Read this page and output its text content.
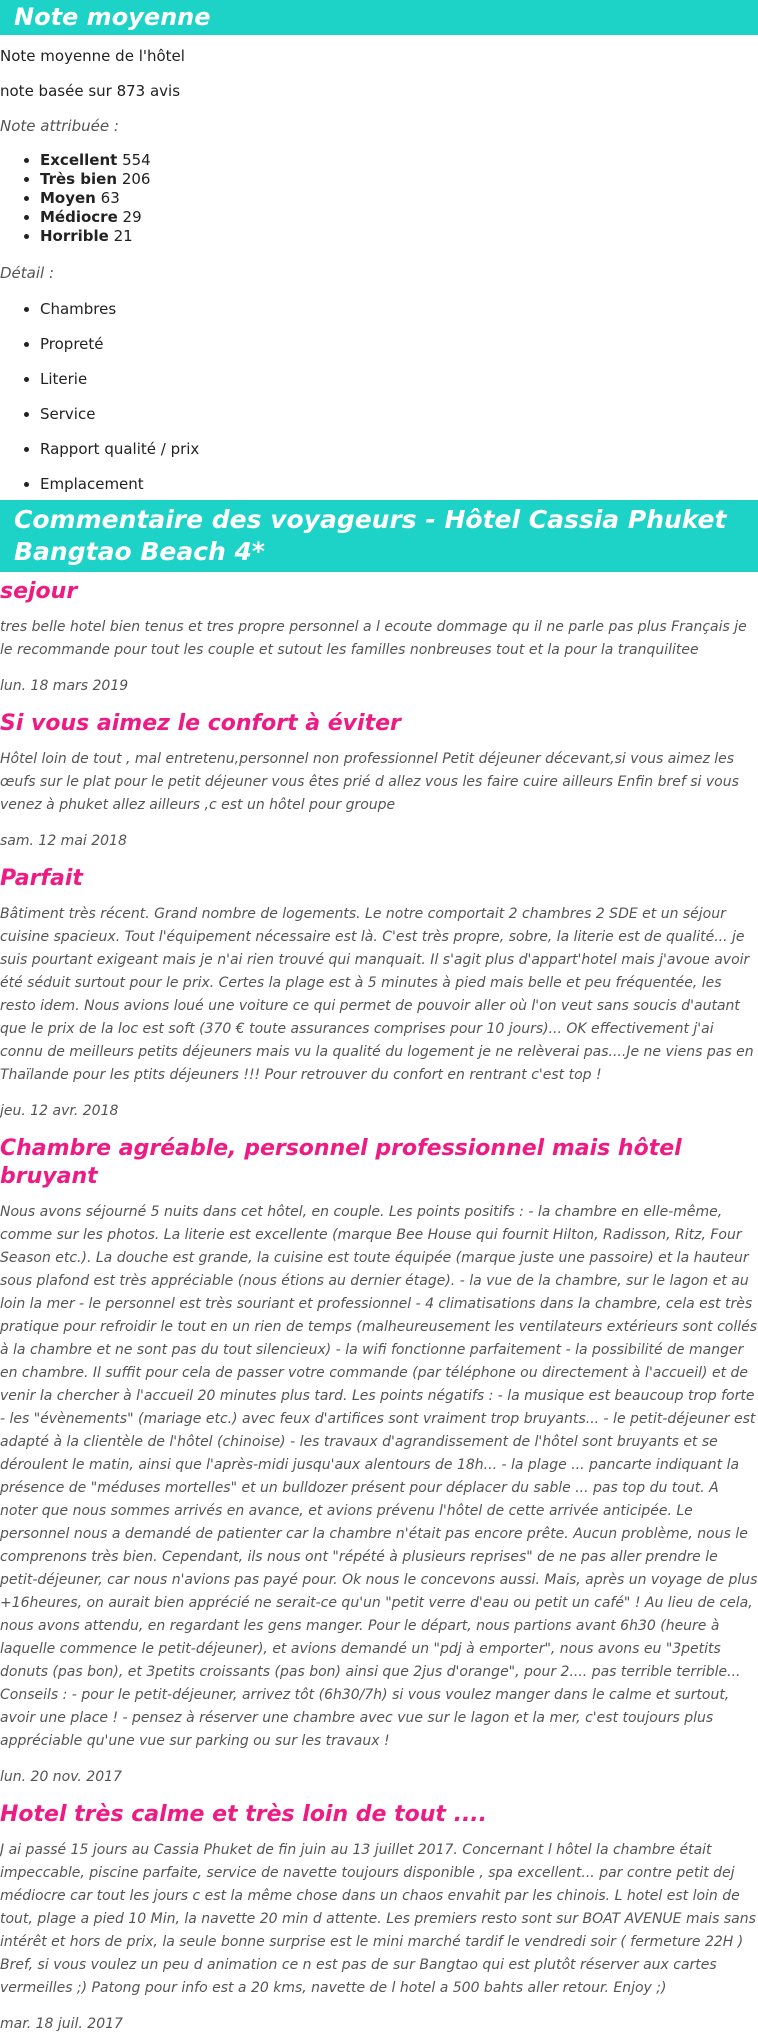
Note moyenne

Note moyenne de l'hôtel

note basée sur 873 avis

Note attribuée :

• Excellent 554
• Très bien 206
• Moyen 63
• Médiocre 29
• Horrible 21

Détail :

• Chambres
• Propreté
• Literie
• Service
• Rapport qualité / prix
• Emplacement
Commentaire des voyageurs - Hôtel Cassia Phuket Bangtao Beach 4*
sejour

tres belle hotel bien tenus et tres propre personnel a l ecoute dommage qu il ne parle pas plus Français je le recommande pour tout les couple et sutout les familles nonbreuses tout et la pour la tranquilitee

lun. 18 mars 2019

Si vous aimez le confort à éviter

Hôtel loin de tout , mal entretenu,personnel non professionnel Petit déjeuner décevant,si vous aimez les œufs sur le plat pour le petit déjeuner vous êtes prié d allez vous les faire cuire ailleurs Enfin bref si vous venez à phuket allez ailleurs ,c est un hôtel pour groupe

sam. 12 mai 2018

Parfait

Bâtiment très récent. Grand nombre de logements. Le notre comportait 2 chambres 2 SDE et un séjour cuisine spacieux. Tout l'équipement nécessaire est là. C'est très propre, sobre, la literie est de qualité... je suis pourtant exigeant mais je n'ai rien trouvé qui manquait. Il s'agit plus d'appart'hotel mais j'avoue avoir été séduit surtout pour le prix. Certes la plage est à 5 minutes à pied mais belle et peu fréquentée, les resto idem. Nous avions loué une voiture ce qui permet de pouvoir aller où l'on veut sans soucis d'autant que le prix de la loc est soft (370 € toute assurances comprises pour 10 jours)... OK effectivement j'ai connu de meilleurs petits déjeuners mais vu la qualité du logement je ne relèverai pas....Je ne viens pas en Thaïlande pour les ptits déjeuners !!! Pour retrouver du confort en rentrant c'est top !

jeu. 12 avr. 2018

Chambre agréable, personnel professionnel mais hôtel bruyant

Nous avons séjourné 5 nuits dans cet hôtel, en couple. Les points positifs : - la chambre en elle-même, comme sur les photos. La literie est excellente (marque Bee House qui fournit Hilton, Radisson, Ritz, Four Season etc.). La douche est grande, la cuisine est toute équipée (marque juste une passoire) et la hauteur sous plafond est très appréciable (nous étions au dernier étage). - la vue de la chambre, sur le lagon et au loin la mer - le personnel est très souriant et professionnel - 4 climatisations dans la chambre, cela est très pratique pour refroidir le tout en un rien de temps (malheureusement les ventilateurs extérieurs sont collés à la chambre et ne sont pas du tout silencieux) - la wifi fonctionne parfaitement - la possibilité de manger en chambre. Il suffit pour cela de passer votre commande (par téléphone ou directement à l'accueil) et de venir la chercher à l'accueil 20 minutes plus tard. Les points négatifs : - la musique est beaucoup trop forte - les "évènements" (mariage etc.) avec feux d'artifices sont vraiment trop bruyants... - le petit-déjeuner est adapté à la clientèle de l'hôtel (chinoise) - les travaux d'agrandissement de l'hôtel sont bruyants et se déroulent le matin, ainsi que l'après-midi jusqu'aux alentours de 18h... - la plage ... pancarte indiquant la présence de "méduses mortelles" et un bulldozer présent pour déplacer du sable ... pas top du tout. A noter que nous sommes arrivés en avance, et avions prévenu l'hôtel de cette arrivée anticipée. Le personnel nous a demandé de patienter car la chambre n'était pas encore prête. Aucun problème, nous le comprenons très bien. Cependant, ils nous ont "répété à plusieurs reprises" de ne pas aller prendre le petit-déjeuner, car nous n'avions pas payé pour. Ok nous le concevons aussi. Mais, après un voyage de plus +16heures, on aurait bien apprécié ne serait-ce qu'un "petit verre d'eau ou petit un café" ! Au lieu de cela, nous avons attendu, en regardant les gens manger. Pour le départ, nous partions avant 6h30 (heure à laquelle commence le petit-déjeuner), et avions demandé un "pdj à emporter", nous avons eu "3petits donuts (pas bon), et 3petits croissants (pas bon) ainsi que 2jus d'orange", pour 2.... pas terrible terrible... Conseils : - pour le petit-déjeuner, arrivez tôt (6h30/7h) si vous voulez manger dans le calme et surtout, avoir une place ! - pensez à réserver une chambre avec vue sur le lagon et la mer, c'est toujours plus appréciable qu'une vue sur parking ou sur les travaux !

lun. 20 nov. 2017

Hotel très calme et très loin de tout ....

J ai passé 15 jours au Cassia Phuket de fin juin au 13 juillet 2017. Concernant l hôtel la chambre était impeccable, piscine parfaite, service de navette toujours disponible , spa excellent... par contre petit dej médiocre car tout les jours c est la même chose dans un chaos envahit par les chinois. L hotel est loin de tout, plage a pied 10 Min, la navette 20 min d attente. Les premiers resto sont sur BOAT AVENUE mais sans intérêt et hors de prix, la seule bonne surprise est le mini marché tardif le vendredi soir ( fermeture 22H ) Bref, si vous voulez un peu d animation ce n est pas de sur Bangtao qui est plutôt réserver aux cartes vermeilles ;) Patong pour info est a 20 kms, navette de l hotel a 500 bahts aller retour. Enjoy ;)

mar. 18 juil. 2017
